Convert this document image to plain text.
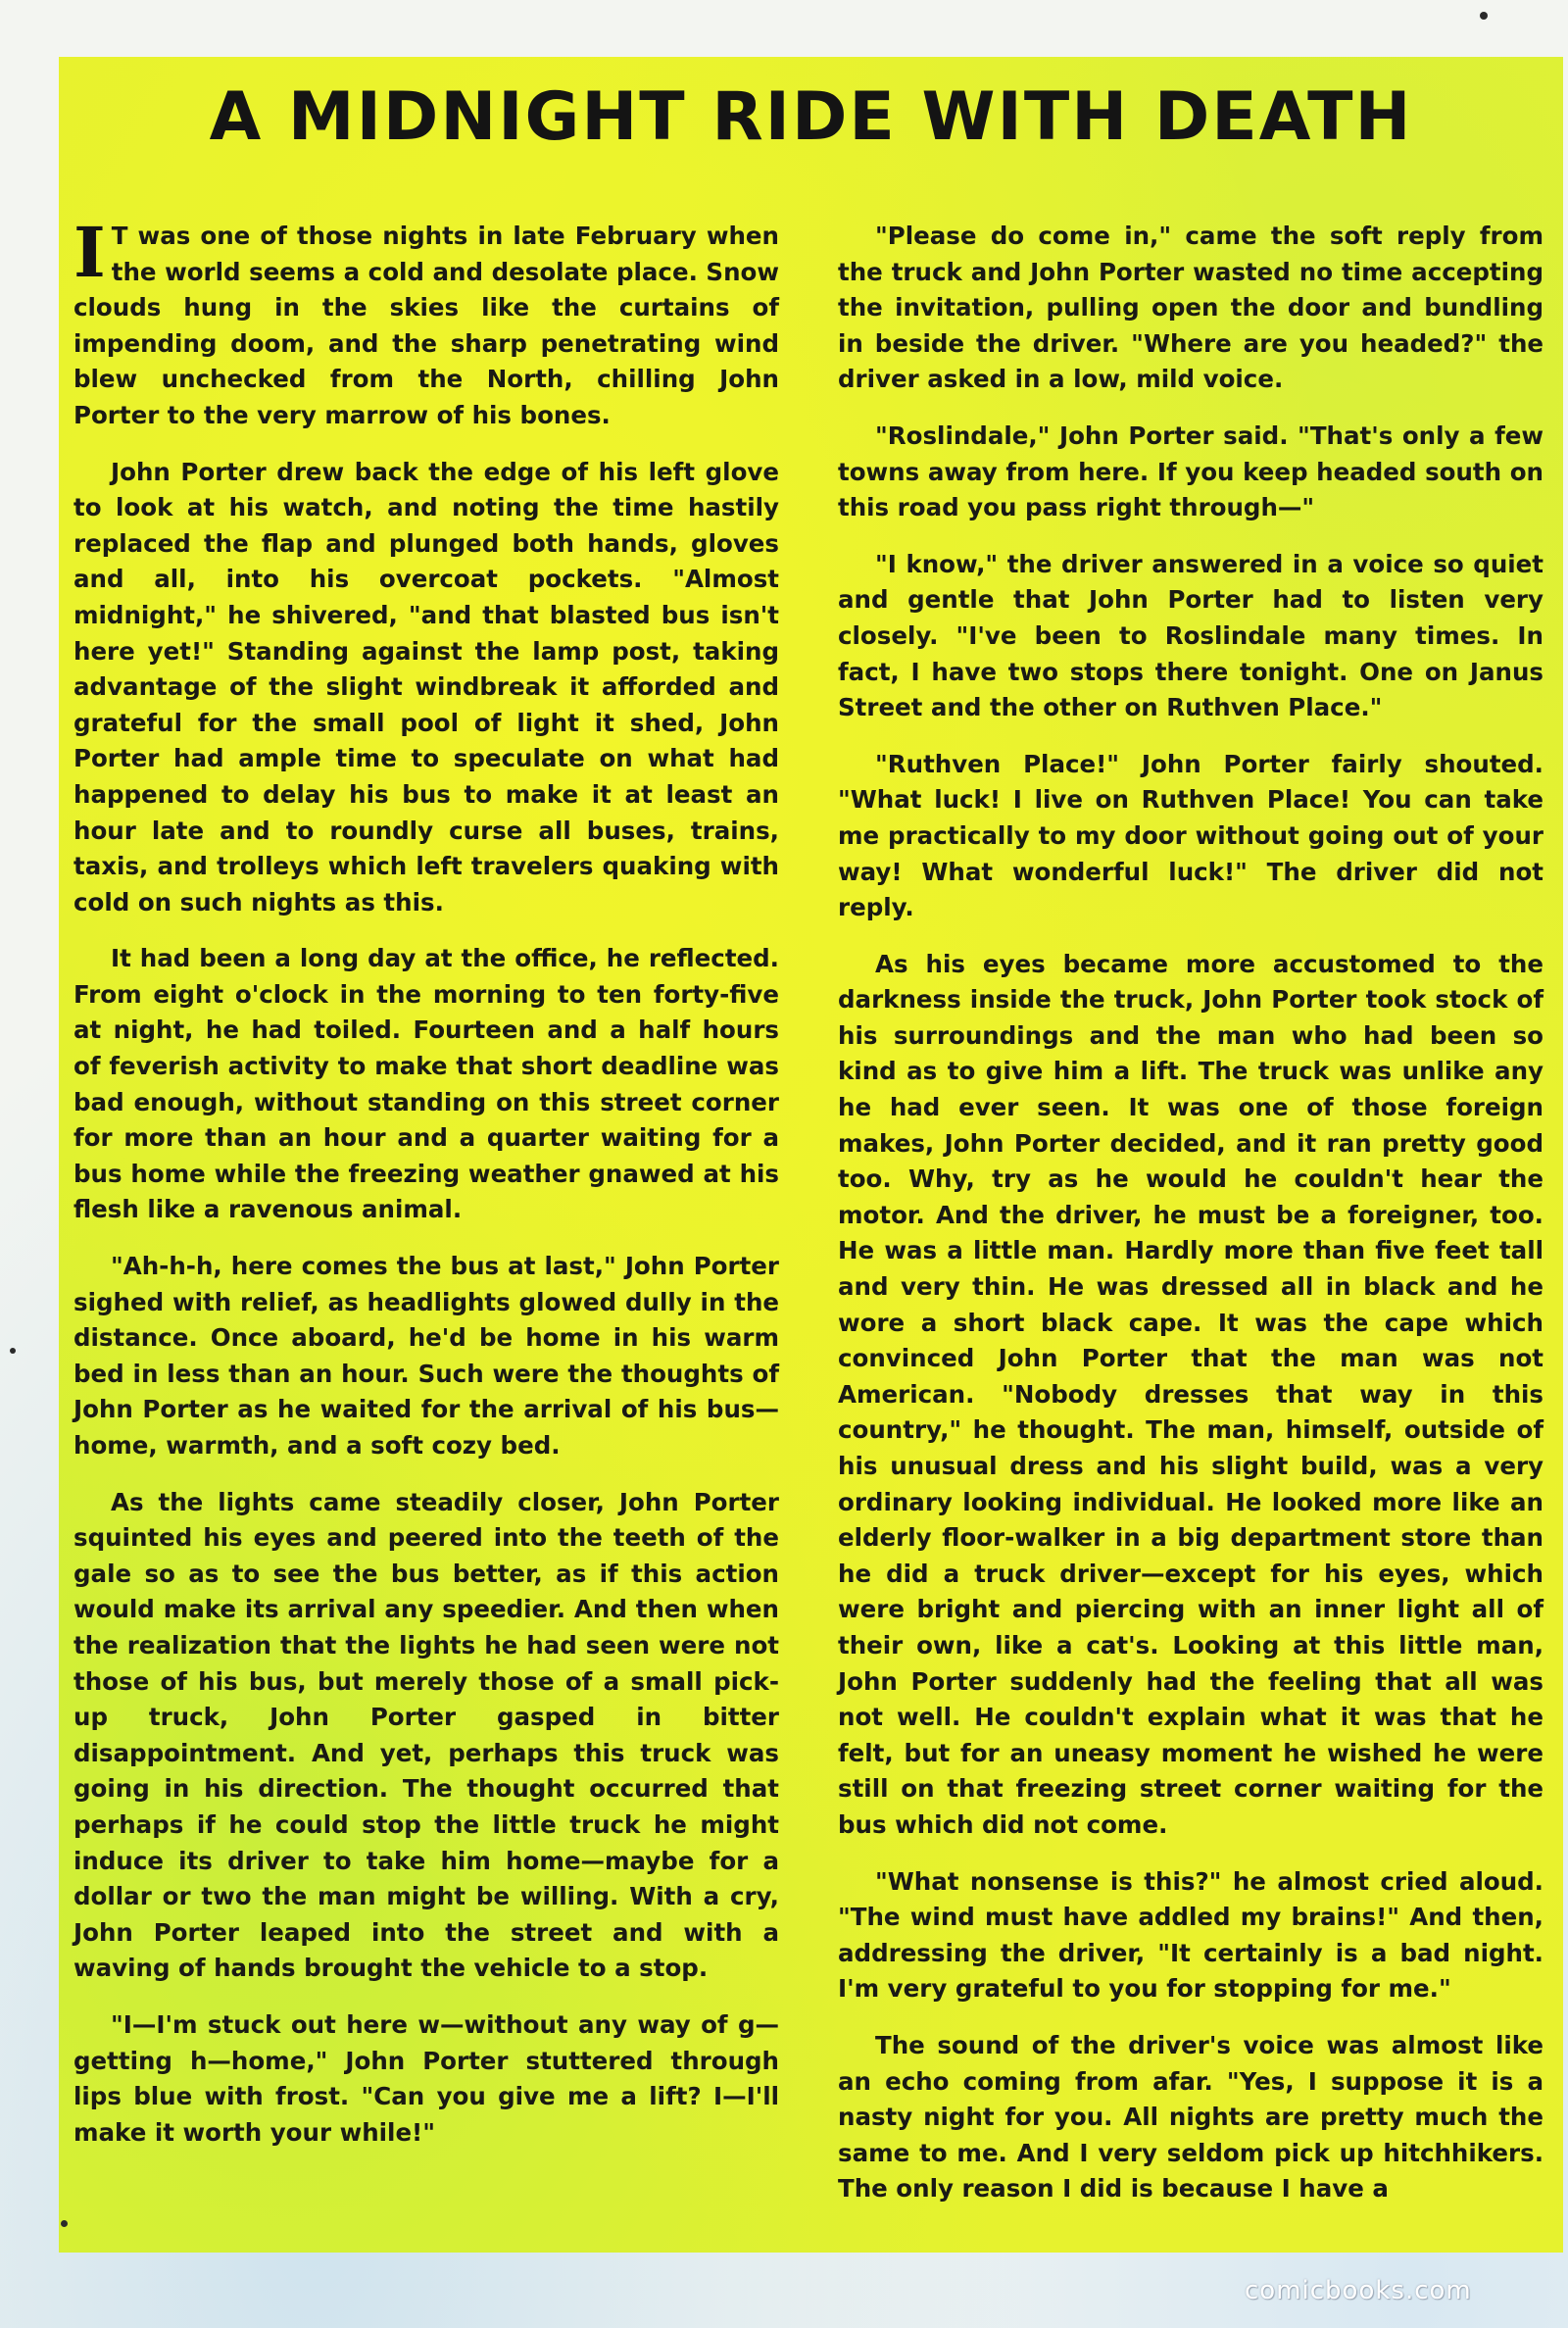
A MIDNIGHT RIDE WITH DEATH

I T was one of those nights in late February when the world seems a cold and desolate place. Snow clouds hung in the skies like the curtains of impending doom, and the sharp penetrating wind blew unchecked from the North, chilling John Porter to the very marrow of his bones.

John Porter drew back the edge of his left glove to look at his watch, and noting the time hastily replaced the flap and plunged both hands, gloves and all, into his overcoat pockets. "Almost midnight," he shivered, "and that blasted bus isn't here yet!" Standing against the lamp post, taking advantage of the slight windbreak it afforded and grateful for the small pool of light it shed, John Porter had ample time to speculate on what had happened to delay his bus to make it at least an hour late and to roundly curse all buses, trains, taxis, and trolleys which left travelers quaking with cold on such nights as this.

It had been a long day at the office, he reflected. From eight o'clock in the morning to ten forty-five at night, he had toiled. Fourteen and a half hours of feverish activity to make that short deadline was bad enough, without standing on this street corner for more than an hour and a quarter waiting for a bus home while the freezing weather gnawed at his flesh like a ravenous animal.

"Ah-h-h, here comes the bus at last," John Porter sighed with relief, as headlights glowed dully in the distance. Once aboard, he'd be home in his warm bed in less than an hour. Such were the thoughts of John Porter as he waited for the arrival of his bus—home, warmth, and a soft cozy bed.

As the lights came steadily closer, John Porter squinted his eyes and peered into the teeth of the gale so as to see the bus better, as if this action would make its arrival any speedier. And then when the realization that the lights he had seen were not those of his bus, but merely those of a small pick-up truck, John Porter gasped in bitter disappointment. And yet, perhaps this truck was going in his direction. The thought occurred that perhaps if he could stop the little truck he might induce its driver to take him home—maybe for a dollar or two the man might be willing. With a cry, John Porter leaped into the street and with a waving of hands brought the vehicle to a stop.

"I—I'm stuck out here w—without any way of g—getting h—home," John Porter stuttered through lips blue with frost. "Can you give me a lift? I—I'll make it worth your while!"

"Please do come in," came the soft reply from the truck and John Porter wasted no time accepting the invitation, pulling open the door and bundling in beside the driver. "Where are you headed?" the driver asked in a low, mild voice.

"Roslindale," John Porter said. "That's only a few towns away from here. If you keep headed south on this road you pass right through—"

"I know," the driver answered in a voice so quiet and gentle that John Porter had to listen very closely. "I've been to Roslindale many times. In fact, I have two stops there tonight. One on Janus Street and the other on Ruthven Place."

"Ruthven Place!" John Porter fairly shouted. "What luck! I live on Ruthven Place! You can take me practically to my door without going out of your way! What wonderful luck!" The driver did not reply.

As his eyes became more accustomed to the darkness inside the truck, John Porter took stock of his surroundings and the man who had been so kind as to give him a lift. The truck was unlike any he had ever seen. It was one of those foreign makes, John Porter decided, and it ran pretty good too. Why, try as he would he couldn't hear the motor. And the driver, he must be a foreigner, too. He was a little man. Hardly more than five feet tall and very thin. He was dressed all in black and he wore a short black cape. It was the cape which convinced John Porter that the man was not American. "Nobody dresses that way in this country," he thought. The man, himself, outside of his unusual dress and his slight build, was a very ordinary looking individual. He looked more like an elderly floor-walker in a big department store than he did a truck driver—except for his eyes, which were bright and piercing with an inner light all of their own, like a cat's. Looking at this little man, John Porter suddenly had the feeling that all was not well. He couldn't explain what it was that he felt, but for an uneasy moment he wished he were still on that freezing street corner waiting for the bus which did not come.

"What nonsense is this?" he almost cried aloud. "The wind must have addled my brains!" And then, addressing the driver, "It certainly is a bad night. I'm very grateful to you for stopping for me."

The sound of the driver's voice was almost like an echo coming from afar. "Yes, I suppose it is a nasty night for you. All nights are pretty much the same to me. And I very seldom pick up hitchhikers. The only reason I did is because I have a

comicbooks.com
